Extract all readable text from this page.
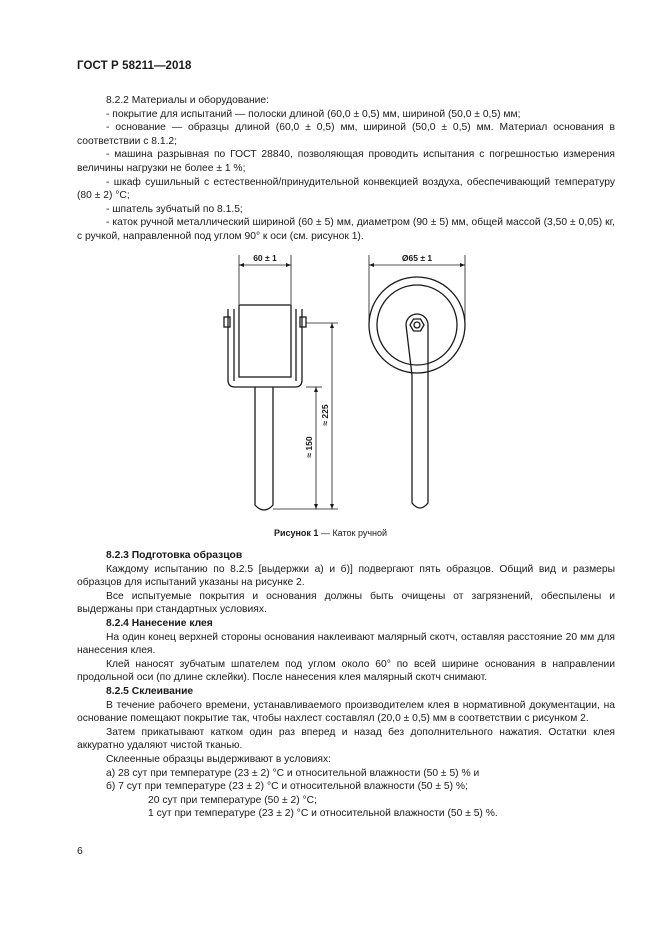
ГОСТ Р 58211—2018

8.2.2 Материалы и оборудование:

- покрытие для испытаний — полоски длиной (60,0 ± 0,5) мм, шириной (50,0 ± 0,5) мм;

- основание — образцы длиной (60,0 ± 0,5) мм, шириной (50,0 ± 0,5) мм. Материал основания в соответствии с 8.1.2;

- машина разрывная по ГОСТ 28840, позволяющая проводить испытания с погрешностью измерения величины нагрузки не более ± 1 %;

- шкаф сушильный с естественной/принудительной конвекцией воздуха, обеспечивающий температуру (80 ± 2) °С;

- шпатель зубчатый по 8.1.5;

- каток ручной металлический шириной (60 ± 5) мм, диаметром (90 ± 5) мм, общей массой (3,50 ± 0,05) кг, с ручкой, направленной под углом 90° к оси (см. рисунок 1).

60 ± 1	Ø65 ± 1
≈ 150
≈ 225
Рисунок 1 — Каток ручной

8.2.3 Подготовка образцов

Каждому испытанию по 8.2.5 [выдержки а) и б)] подвергают пять образцов. Общий вид и размеры образцов для испытаний указаны на рисунке 2.

Все испытуемые покрытия и основания должны быть очищены от загрязнений, обеспылены и выдержаны при стандартных условиях.

8.2.4 Нанесение клея

На один конец верхней стороны основания наклеивают малярный скотч, оставляя расстояние 20 мм для нанесения клея.

Клей наносят зубчатым шпателем под углом около 60° по всей ширине основания в направлении продольной оси (по длине склейки). После нанесения клея малярный скотч снимают.

8.2.5 Склеивание

В течение рабочего времени, устанавливаемого производителем клея в нормативной документации, на основание помещают покрытие так, чтобы нахлест составлял (20,0 ± 0,5) мм в соответствии с рисунком 2.

Затем прикатывают катком один раз вперед и назад без дополнительного нажатия. Остатки клея аккуратно удаляют чистой тканью.

Склеенные образцы выдерживают в условиях:

а) 28 сут при температуре (23 ± 2) °С и относительной влажности (50 ± 5) % и

б) 7 сут при температуре (23 ± 2) °С и относительной влажности (50 ± 5) %;

20 сут при температуре (50 ± 2) °С;

1 сут при температуре (23 ± 2) °С и относительной влажности (50 ± 5) %.

6
